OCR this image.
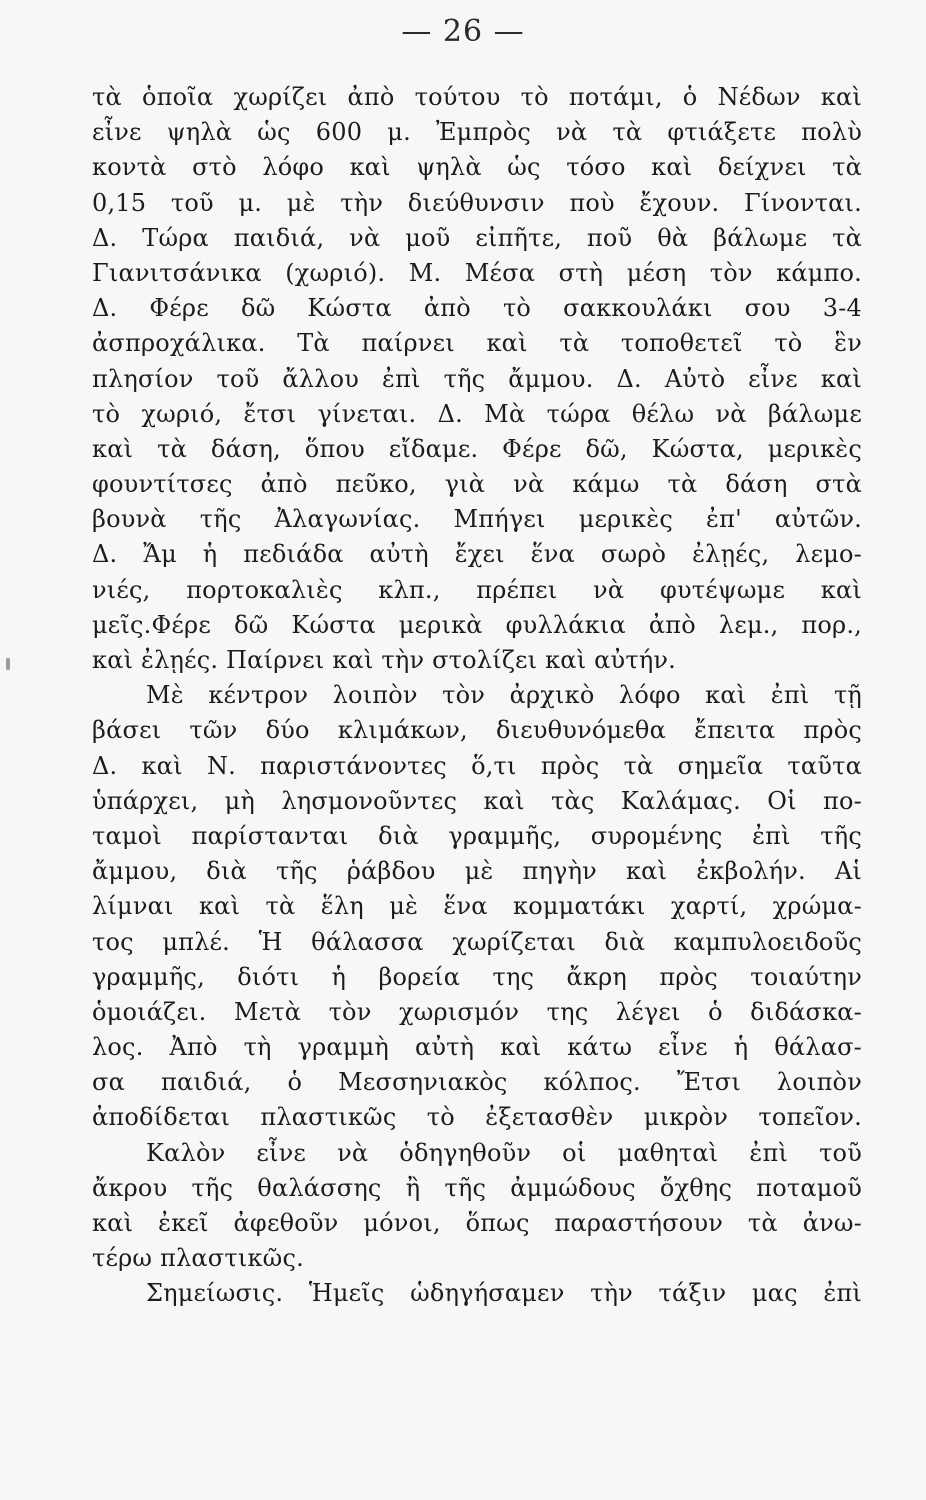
— 26 —
τὰ ὁποῖα χωρίζει ἀπὸ τούτου τὸ ποτάμι, ὁ Νέδων καὶ
εἶνε ψηλὰ ὡς 600 μ. Ἐμπρὸς νὰ τὰ φτιάξετε πολὺ
κοντὰ στὸ λόφο καὶ ψηλὰ ὡς τόσο καὶ δείχνει τὰ
0,15 τοῦ μ. μὲ τὴν διεύθυνσιν ποὺ ἔχουν. Γίνονται.
Δ. Τώρα παιδιά, νὰ μοῦ εἰπῆτε, ποῦ θὰ βάλωμε τὰ
Γιανιτσάνικα (χωριό). Μ. Μέσα στὴ μέση τὸν κάμπο.
Δ. Φέρε δῶ Κώστα ἀπὸ τὸ σακκουλάκι σου 3-4
ἀσπροχάλικα. Τὰ παίρνει καὶ τὰ τοποθετεῖ τὸ ἓν
πλησίον τοῦ ἄλλου ἐπὶ τῆς ἄμμου. Δ. Αὐτὸ εἶνε καὶ
τὸ χωριό, ἔτσι γίνεται. Δ. Μὰ τώρα θέλω νὰ βάλωμε
καὶ τὰ δάση, ὅπου εἴδαμε. Φέρε δῶ, Κώστα, μερικὲς
φουντίτσες ἀπὸ πεῦκο, γιὰ νὰ κάμω τὰ δάση στὰ
βουνὰ τῆς Ἀλαγωνίας. Μπήγει μερικὲς ἐπ' αὐτῶν.
Δ. Ἄμ ἡ πεδιάδα αὐτὴ ἔχει ἕνα σωρὸ ἐλῃές, λεμο-
νιές, πορτοκαλιὲς κλπ., πρέπει νὰ φυτέψωμε καὶ
μεῖς.Φέρε δῶ Κώστα μερικὰ φυλλάκια ἀπὸ λεμ., πορ.,
καὶ ἐλῃές. Παίρνει καὶ τὴν στολίζει καὶ αὐτήν.
Μὲ κέντρον λοιπὸν τὸν ἀρχικὸ λόφο καὶ ἐπὶ τῇ
βάσει τῶν δύο κλιμάκων, διευθυνόμεθα ἔπειτα πρὸς
Δ. καὶ Ν. παριστάνοντες ὅ,τι πρὸς τὰ σημεῖα ταῦτα
ὑπάρχει, μὴ λησμονοῦντες καὶ τὰς Καλάμας. Οἱ πο-
ταμοὶ παρίστανται διὰ γραμμῆς, συρομένης ἐπὶ τῆς
ἄμμου, διὰ τῆς ῥάβδου μὲ πηγὴν καὶ ἐκβολήν. Αἱ
λίμναι καὶ τὰ ἕλη μὲ ἕνα κομματάκι χαρτί, χρώμα-
τος μπλέ. Ἡ θάλασσα χωρίζεται διὰ καμπυλοειδοῦς
γραμμῆς, διότι ἡ βορεία της ἄκρη πρὸς τοιαύτην
ὁμοιάζει. Μετὰ τὸν χωρισμόν της λέγει ὁ διδάσκα-
λος. Ἀπὸ τὴ γραμμὴ αὐτὴ καὶ κάτω εἶνε ἡ θάλασ-
σα παιδιά, ὁ Μεσσηνιακὸς κόλπος. Ἔτσι λοιπὸν
ἀποδίδεται πλαστικῶς τὸ ἐξετασθὲν μικρὸν τοπεῖον.
Καλὸν εἶνε νὰ ὁδηγηθοῦν οἱ μαθηταὶ ἐπὶ τοῦ
ἄκρου τῆς θαλάσσης ἢ τῆς ἀμμώδους ὄχθης ποταμοῦ
καὶ ἐκεῖ ἀφεθοῦν μόνοι, ὅπως παραστήσουν τὰ ἀνω-
τέρω πλαστικῶς.
Σημείωσις. Ἡμεῖς ὡδηγήσαμεν τὴν τάξιν μας ἐπὶ
